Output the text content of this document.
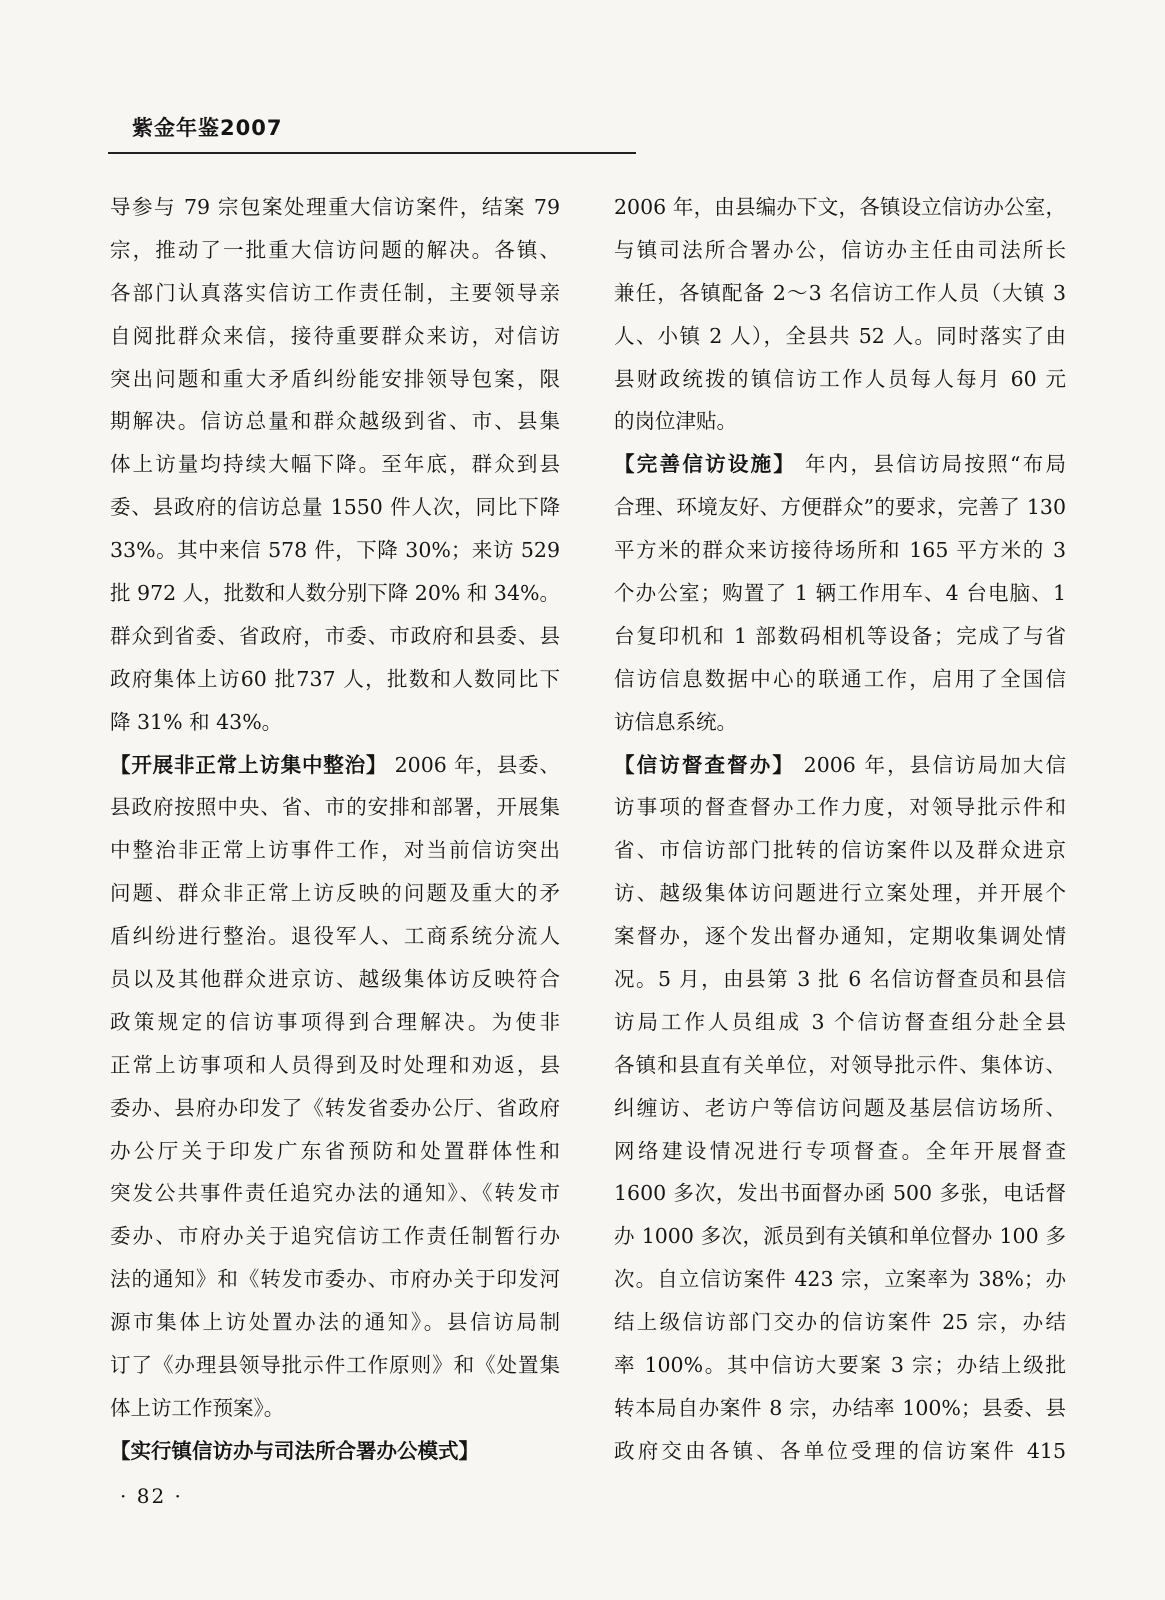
紫金年鉴2007
导参与 79 宗包案处理重大信访案件，结案 79
宗，推动了一批重大信访问题的解决。各镇、
各部门认真落实信访工作责任制，主要领导亲
自阅批群众来信，接待重要群众来访，对信访
突出问题和重大矛盾纠纷能安排领导包案，限
期解决。信访总量和群众越级到省、市、县集
体上访量均持续大幅下降。至年底，群众到县
委、县政府的信访总量 1550 件人次，同比下降
33%。其中来信 578 件，下降 30%；来访 529
批 972 人，批数和人数分别下降 20% 和 34%。
群众到省委、省政府，市委、市政府和县委、县
政府集体上访60 批737 人，批数和人数同比下
降 31% 和 43%。
【开展非正常上访集中整治】 2006 年，县委、
县政府按照中央、省、市的安排和部署，开展集
中整治非正常上访事件工作，对当前信访突出
问题、群众非正常上访反映的问题及重大的矛
盾纠纷进行整治。退役军人、工商系统分流人
员以及其他群众进京访、越级集体访反映符合
政策规定的信访事项得到合理解决。为使非
正常上访事项和人员得到及时处理和劝返，县
委办、县府办印发了《转发省委办公厅、省政府
办公厅关于印发广东省预防和处置群体性和
突发公共事件责任追究办法的通知》、《转发市
委办、市府办关于追究信访工作责任制暂行办
法的通知》和《转发市委办、市府办关于印发河
源市集体上访处置办法的通知》。县信访局制
订了《办理县领导批示件工作原则》和《处置集
体上访工作预案》。
【实行镇信访办与司法所合署办公模式】
2006 年，由县编办下文，各镇设立信访办公室，
与镇司法所合署办公，信访办主任由司法所长
兼任，各镇配备 2～3 名信访工作人员（大镇 3
人、小镇 2 人），全县共 52 人。同时落实了由
县财政统拨的镇信访工作人员每人每月 60 元
的岗位津贴。
【完善信访设施】 年内，县信访局按照“布局
合理、环境友好、方便群众”的要求，完善了 130
平方米的群众来访接待场所和 165 平方米的 3
个办公室；购置了 1 辆工作用车、4 台电脑、1
台复印机和 1 部数码相机等设备；完成了与省
信访信息数据中心的联通工作，启用了全国信
访信息系统。
【信访督查督办】 2006 年，县信访局加大信
访事项的督查督办工作力度，对领导批示件和
省、市信访部门批转的信访案件以及群众进京
访、越级集体访问题进行立案处理，并开展个
案督办，逐个发出督办通知，定期收集调处情
况。5 月，由县第 3 批 6 名信访督查员和县信
访局工作人员组成 3 个信访督查组分赴全县
各镇和县直有关单位，对领导批示件、集体访、
纠缠访、老访户等信访问题及基层信访场所、
网络建设情况进行专项督查。全年开展督查
1600 多次，发出书面督办函 500 多张，电话督
办 1000 多次，派员到有关镇和单位督办 100 多
次。自立信访案件 423 宗，立案率为 38%；办
结上级信访部门交办的信访案件 25 宗，办结
率 100%。其中信访大要案 3 宗；办结上级批
转本局自办案件 8 宗，办结率 100%；县委、县
政府交由各镇、各单位受理的信访案件 415
· 82 ·
